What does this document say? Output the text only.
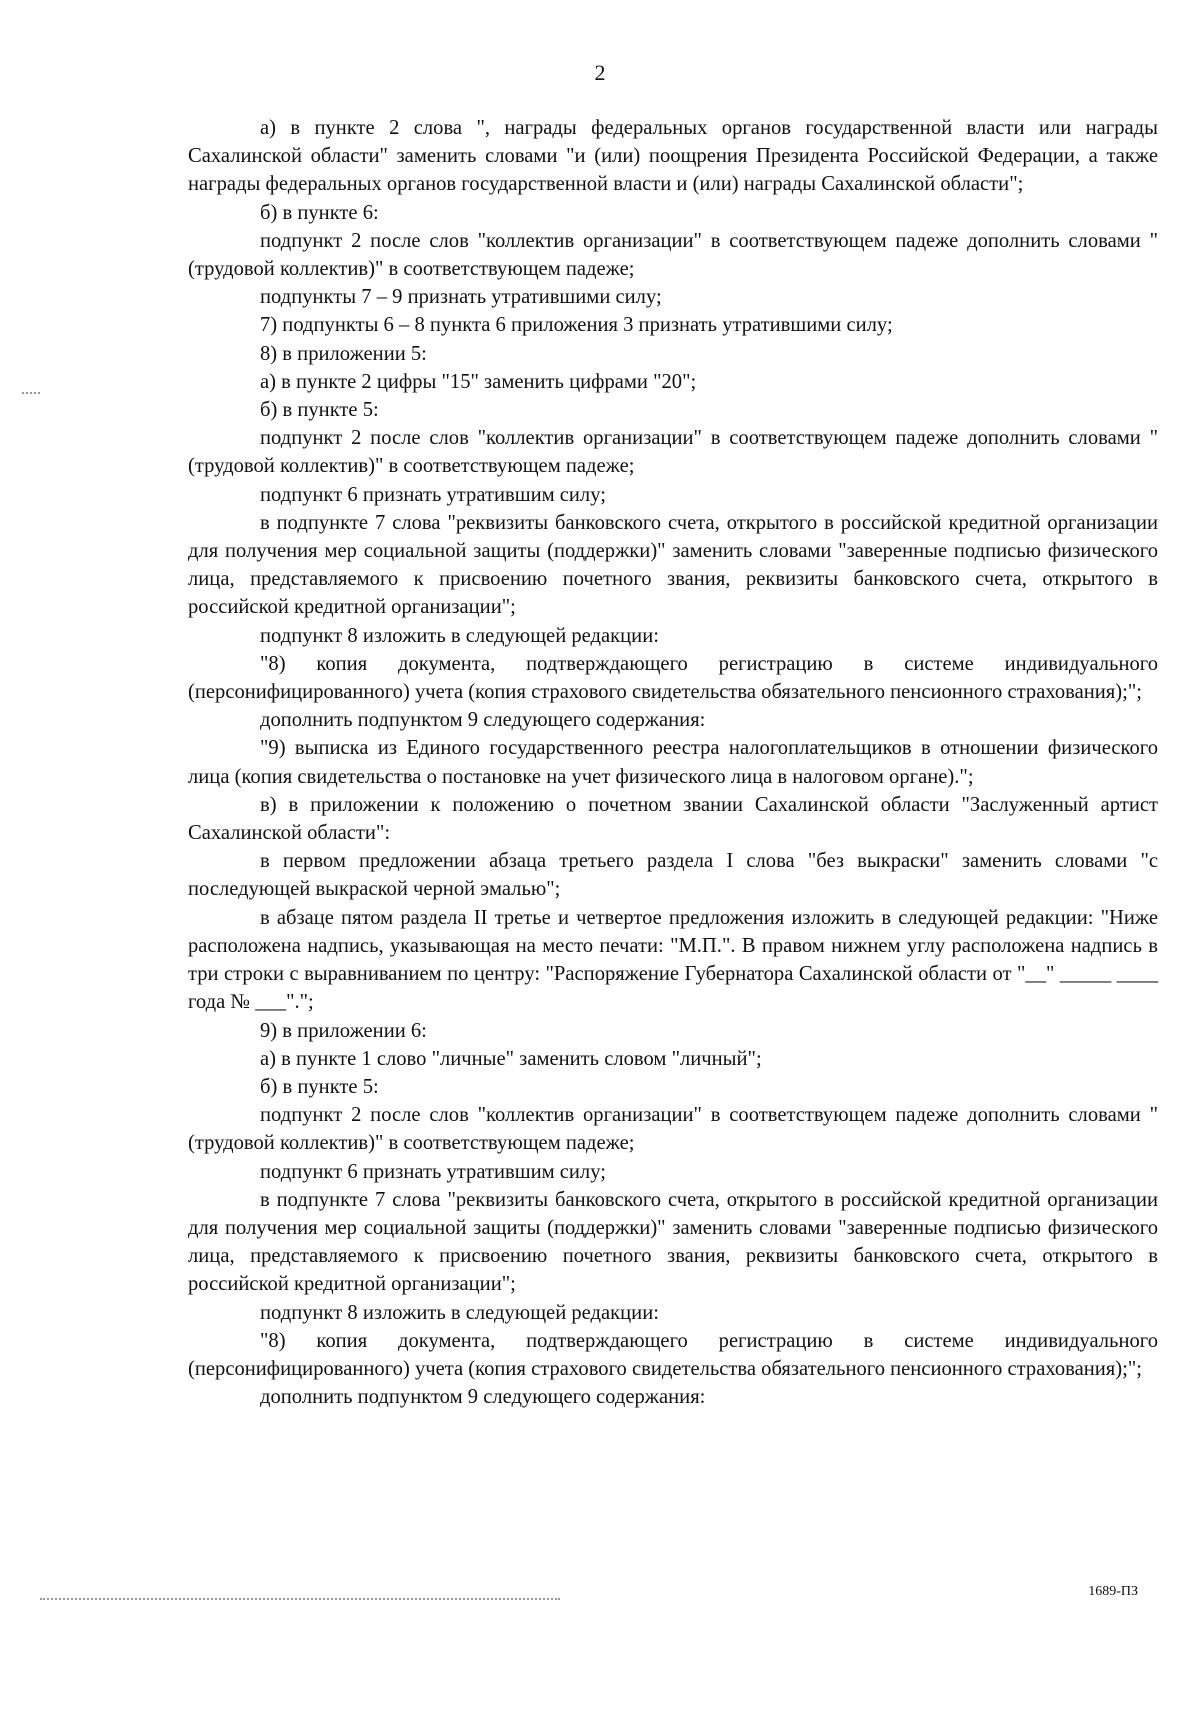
2

а) в пункте 2 слова ", награды федеральных органов государственной власти или награды Сахалинской области" заменить словами "и (или) поощрения Президента Российской Федерации, а также награды федеральных органов государственной власти и (или) награды Сахалинской области";

б) в пункте 6:

подпункт 2 после слов "коллектив организации" в соответствующем падеже дополнить словами "(трудовой коллектив)" в соответствующем падеже;

подпункты 7 – 9 признать утратившими силу;

7) подпункты 6 – 8 пункта 6 приложения 3 признать утратившими силу;

8) в приложении 5:

а) в пункте 2 цифры "15" заменить цифрами "20";

б) в пункте 5:

подпункт 2 после слов "коллектив организации" в соответствующем падеже дополнить словами "(трудовой коллектив)" в соответствующем падеже;

подпункт 6 признать утратившим силу;

в подпункте 7 слова "реквизиты банковского счета, открытого в российской кредитной организации для получения мер социальной защиты (поддержки)" заменить словами "заверенные подписью физического лица, представляемого к присвоению почетного звания, реквизиты банковского счета, открытого в российской кредитной организации";

подпункт 8 изложить в следующей редакции:

"8) копия документа, подтверждающего регистрацию в системе индивидуального (персонифицированного) учета (копия страхового свидетельства обязательного пенсионного страхования);";

дополнить подпунктом 9 следующего содержания:

"9) выписка из Единого государственного реестра налогоплательщиков в отношении физического лица (копия свидетельства о постановке на учет физического лица в налоговом органе).";

в) в приложении к положению о почетном звании Сахалинской области "Заслуженный артист Сахалинской области":

в первом предложении абзаца третьего раздела I слова "без выкраски" заменить словами "с последующей выкраской черной эмалью";

в абзаце пятом раздела II третье и четвертое предложения изложить в следующей редакции: "Ниже расположена надпись, указывающая на место печати: "М.П.". В правом нижнем углу расположена надпись в три строки с выравниванием по центру: "Распоряжение Губернатора Сахалинской области от "__" _____ ____ года № ___".";

9) в приложении 6:

а) в пункте 1 слово "личные" заменить словом "личный";

б) в пункте 5:

подпункт 2 после слов "коллектив организации" в соответствующем падеже дополнить словами "(трудовой коллектив)" в соответствующем падеже;

подпункт 6 признать утратившим силу;

в подпункте 7 слова "реквизиты банковского счета, открытого в российской кредитной организации для получения мер социальной защиты (поддержки)" заменить словами "заверенные подписью физического лица, представляемого к присвоению почетного звания, реквизиты банковского счета, открытого в российской кредитной организации";

подпункт 8 изложить в следующей редакции:

"8) копия документа, подтверждающего регистрацию в системе индивидуального (персонифицированного) учета (копия страхового свидетельства обязательного пенсионного страхования);";

дополнить подпунктом 9 следующего содержания:

1689-ПЗ
